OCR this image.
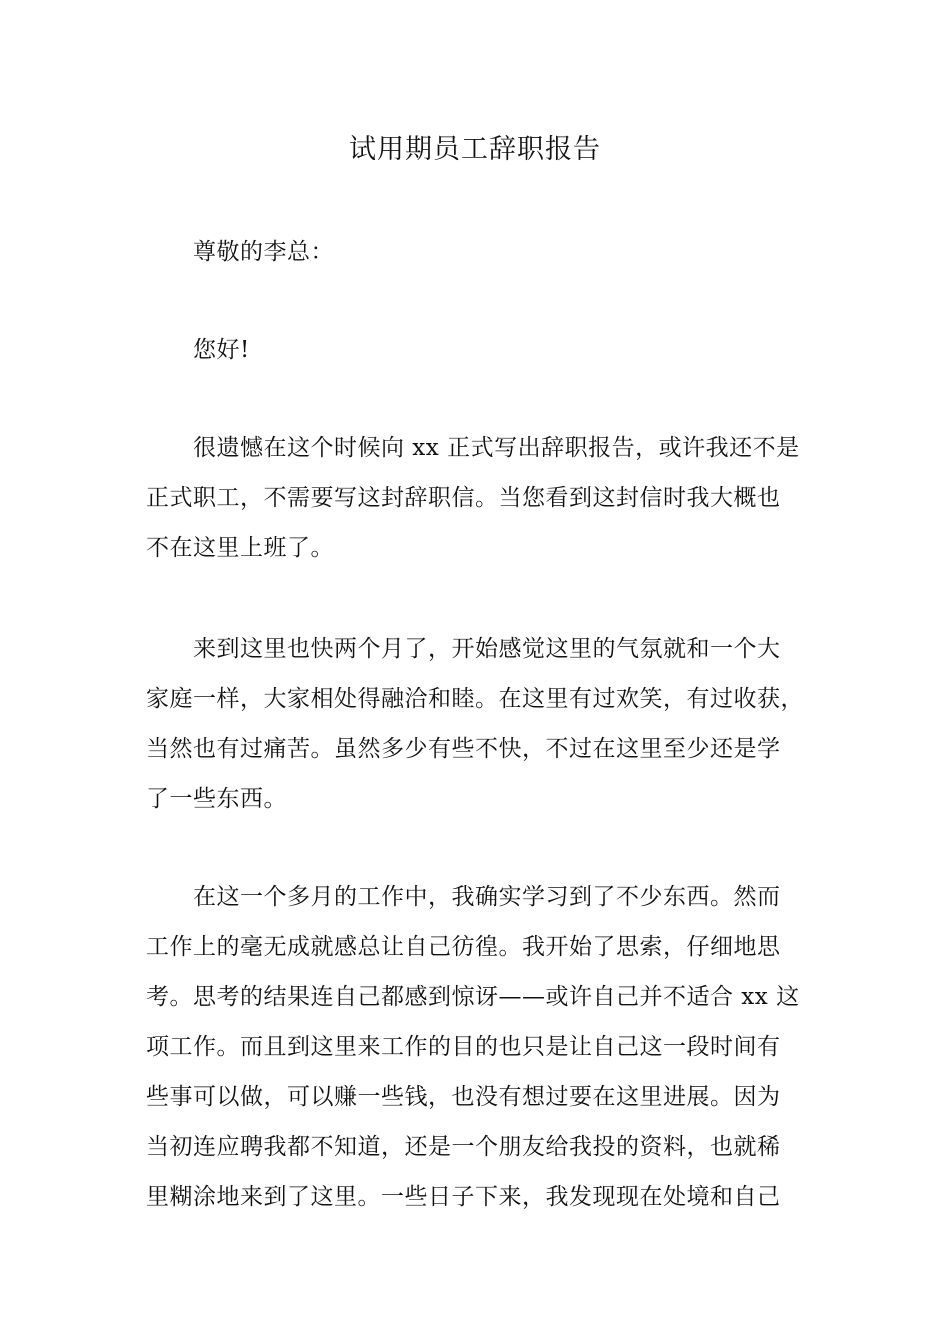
试用期员工辞职报告

尊敬的李总：

您好!

很遗憾在这个时候向 xx 正式写出辞职报告，或许我还不是
正式职工，不需要写这封辞职信。当您看到这封信时我大概也
不在这里上班了。

来到这里也快两个月了，开始感觉这里的气氛就和一个大
家庭一样，大家相处得融洽和睦。在这里有过欢笑，有过收获，
当然也有过痛苦。虽然多少有些不快，不过在这里至少还是学
了一些东西。

在这一个多月的工作中，我确实学习到了不少东西。然而
工作上的毫无成就感总让自己彷徨。我开始了思索，仔细地思
考。思考的结果连自己都感到惊讶——或许自己并不适合 xx 这
项工作。而且到这里来工作的目的也只是让自己这一段时间有
些事可以做，可以赚一些钱，也没有想过要在这里进展。因为
当初连应聘我都不知道，还是一个朋友给我投的资料，也就稀
里糊涂地来到了这里。一些日子下来，我发现现在处境和自己
